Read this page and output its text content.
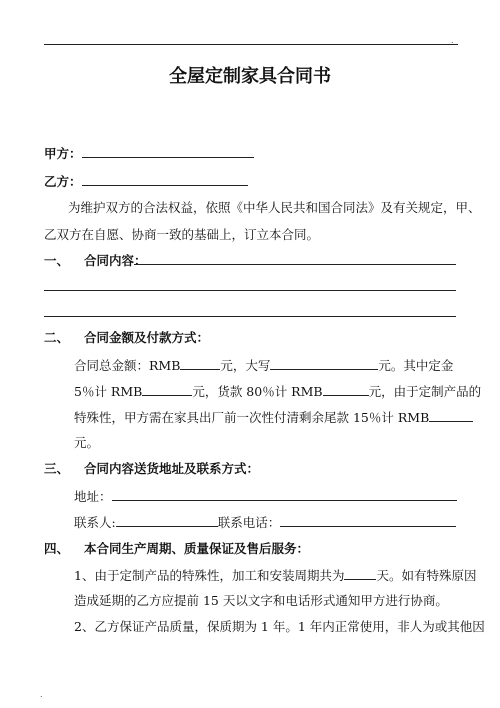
.
.
全屋定制家具合同书
甲方：
乙方：
为维护双方的合法权益，依照《中华人民共和国合同法》及有关规定，甲、
乙双方在自愿、协商一致的基础上，订立本合同。
一、 合同内容：
二、 合同金额及付款方式：
合同总金额：RMB	元，大写	元。其中定金
5％计 RMB	元，货款 80％计 RMB	元，由于定制产品的
特殊性，甲方需在家具出厂前一次性付清剩余尾款 15％计 RMB
元。
三、 合同内容送货地址及联系方式：
地址：
联系人:	联系电话：
四、 本合同生产周期、质量保证及售后服务：
1、由于定制产品的特殊性，加工和安装周期共为	天。如有特殊原因
造成延期的乙方应提前 15 天以文字和电话形式通知甲方进行协商。
2、乙方保证产品质量，保质期为 1 年。1 年内正常使用，非人为或其他因
